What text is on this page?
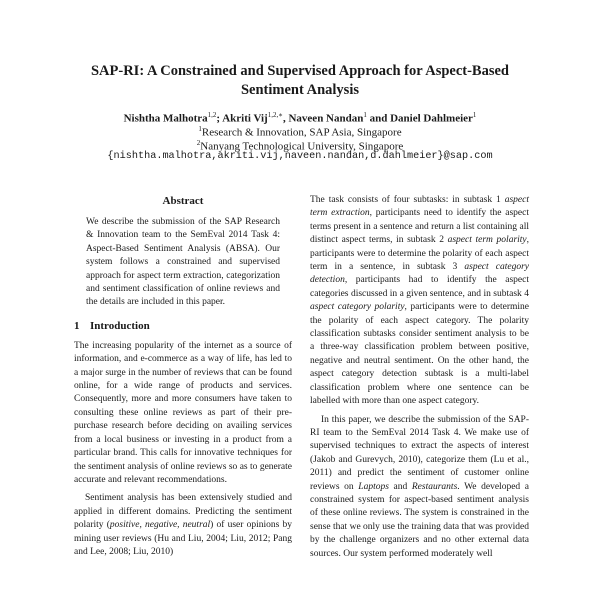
SAP-RI: A Constrained and Supervised Approach for Aspect-Based
Sentiment Analysis
Nishtha Malhotra$^{1,2}$; Akriti Vij$^{1,2,∗}$, Naveen Nandan$^1$ and Daniel Dahlmeier$^1$
$^1$Research & Innovation, SAP Asia, Singapore
$^2$Nanyang Technological University, Singapore
{nishtha.malhotra,akriti.vij,naveen.nandan,d.dahlmeier}@sap.com
Abstract
We describe the submission of the SAP Research & Innovation team to the SemEval 2014 Task 4: Aspect-Based Sentiment Analysis (ABSA). Our system follows a constrained and supervised approach for aspect term extraction, categorization and sentiment classification of online reviews and the details are included in this paper.
1 Introduction

The increasing popularity of the internet as a source of information, and e-commerce as a way of life, has led to a major surge in the number of reviews that can be found online, for a wide range of products and services. Consequently, more and more consumers have taken to consulting these online reviews as part of their pre-purchase research before deciding on availing services from a local business or investing in a product from a particular brand. This calls for innovative techniques for the sentiment analysis of online reviews so as to generate accurate and relevant recommendations.

Sentiment analysis has been extensively studied and applied in different domains. Predicting the sentiment polarity (positive, negative, neutral) of user opinions by mining user reviews (Hu and Liu, 2004; Liu, 2012; Pang and Lee, 2008; Liu, 2010)

The task consists of four subtasks: in subtask 1 aspect term extraction, participants need to identify the aspect terms present in a sentence and return a list containing all distinct aspect terms, in subtask 2 aspect term polarity, participants were to determine the polarity of each aspect term in a sentence, in subtask 3 aspect category detection, participants had to identify the aspect categories discussed in a given sentence, and in subtask 4 aspect category polarity, participants were to determine the polarity of each aspect category. The polarity classification subtasks consider sentiment analysis to be a three-way classification problem between positive, negative and neutral sentiment. On the other hand, the aspect category detection subtask is a multi-label classification problem where one sentence can be labelled with more than one aspect category.

In this paper, we describe the submission of the SAP-RI team to the SemEval 2014 Task 4. We make use of supervised techniques to extract the aspects of interest (Jakob and Gurevych, 2010), categorize them (Lu et al., 2011) and predict the sentiment of customer online reviews on Laptops and Restaurants. We developed a constrained system for aspect-based sentiment analysis of these online reviews. The system is constrained in the sense that we only use the training data that was provided by the challenge organizers and no other external data sources. Our system performed moderately well
